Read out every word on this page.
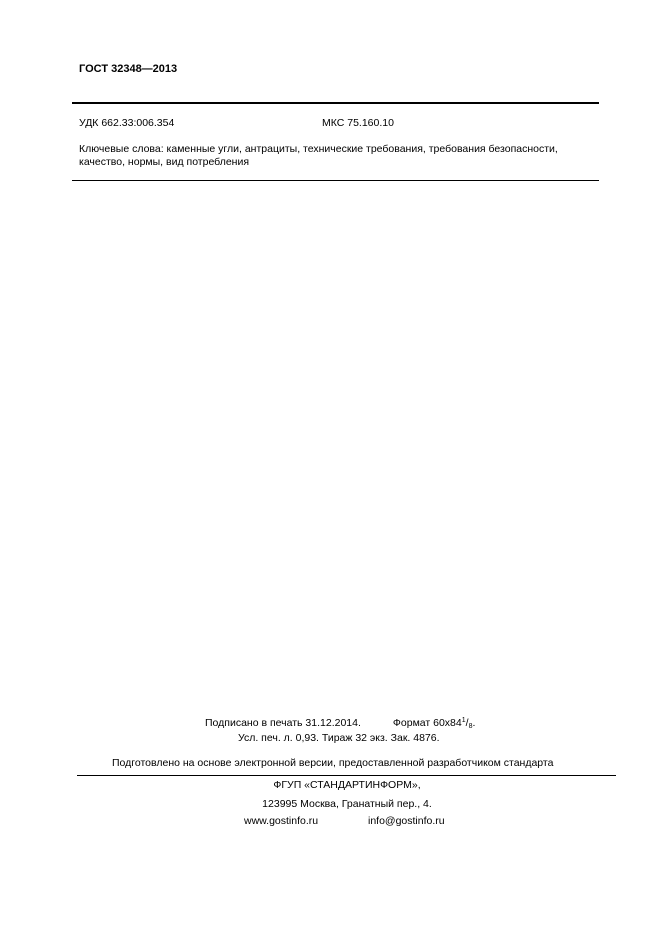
ГОСТ 32348—2013
УДК 662.33:006.354	МКС 75.160.10
Ключевые слова: каменные угли, антрациты, технические требования, требования безопасности, качество, нормы, вид потребления
Подписано в печать 31.12.2014.	Формат $60x84^1/_8$.
Усл. печ. л. 0,93. Тираж 32 экз. Зак. 4876.
Подготовлено на основе электронной версии, предоставленной разработчиком стандарта
ФГУП «СТАНДАРТИНФОРМ»,
123995 Москва, Гранатный пер., 4.
www.gostinfo.ru	info@gostinfo.ru
